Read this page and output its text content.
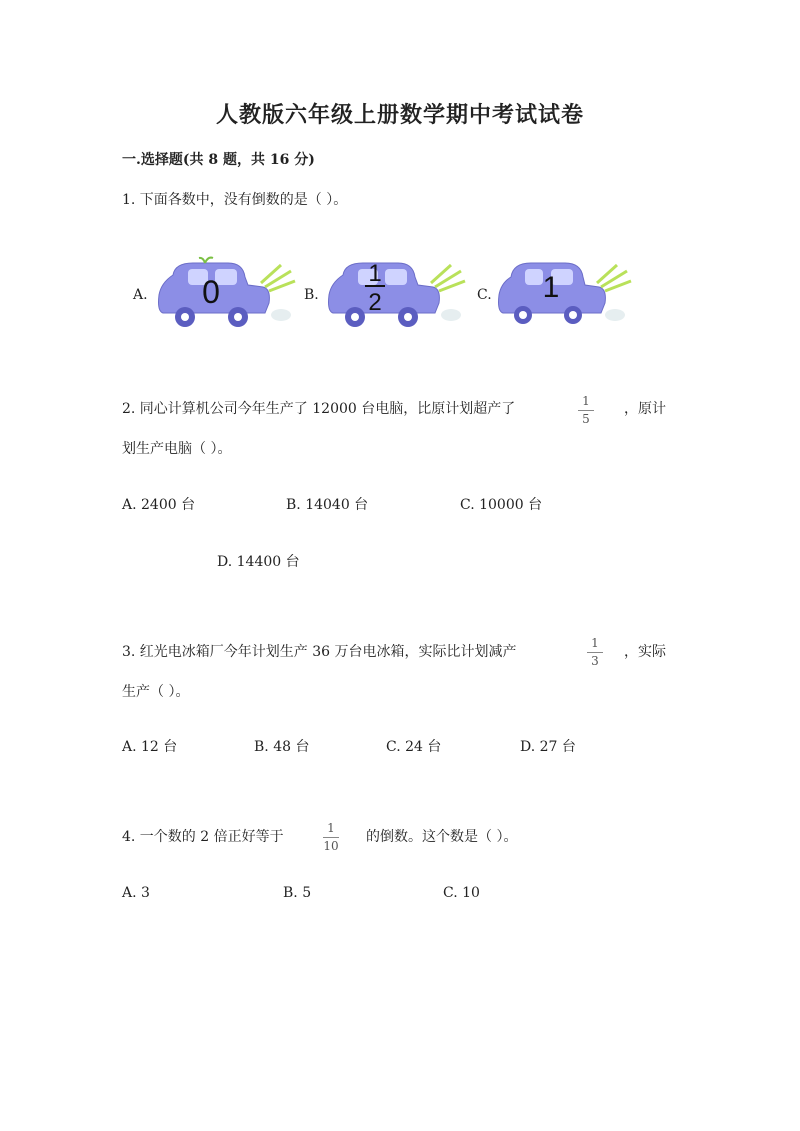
人教版六年级上册数学期中考试试卷
一.选择题(共 8 题，共 16 分)
1. 下面各数中，没有倒数的是（ ）。
A. 0	B.
1
2	C. 1
2. 同心计算机公司今年生产了 12000 台电脑，比原计划超产了	1
5
，原计
划生产电脑（ ）。
A. 2400 台	B. 14040 台	C. 10000 台
D. 14400 台
3. 红光电冰箱厂今年计划生产 36 万台电冰箱，实际比计划减产
1
3
，实际
生产（ ）。
A. 12 台	B. 48 台	C. 24 台	D. 27 台
4. 一个数的 2 倍正好等于
1
10
的倒数。这个数是（ ）。
A. 3	B. 5	C. 10
